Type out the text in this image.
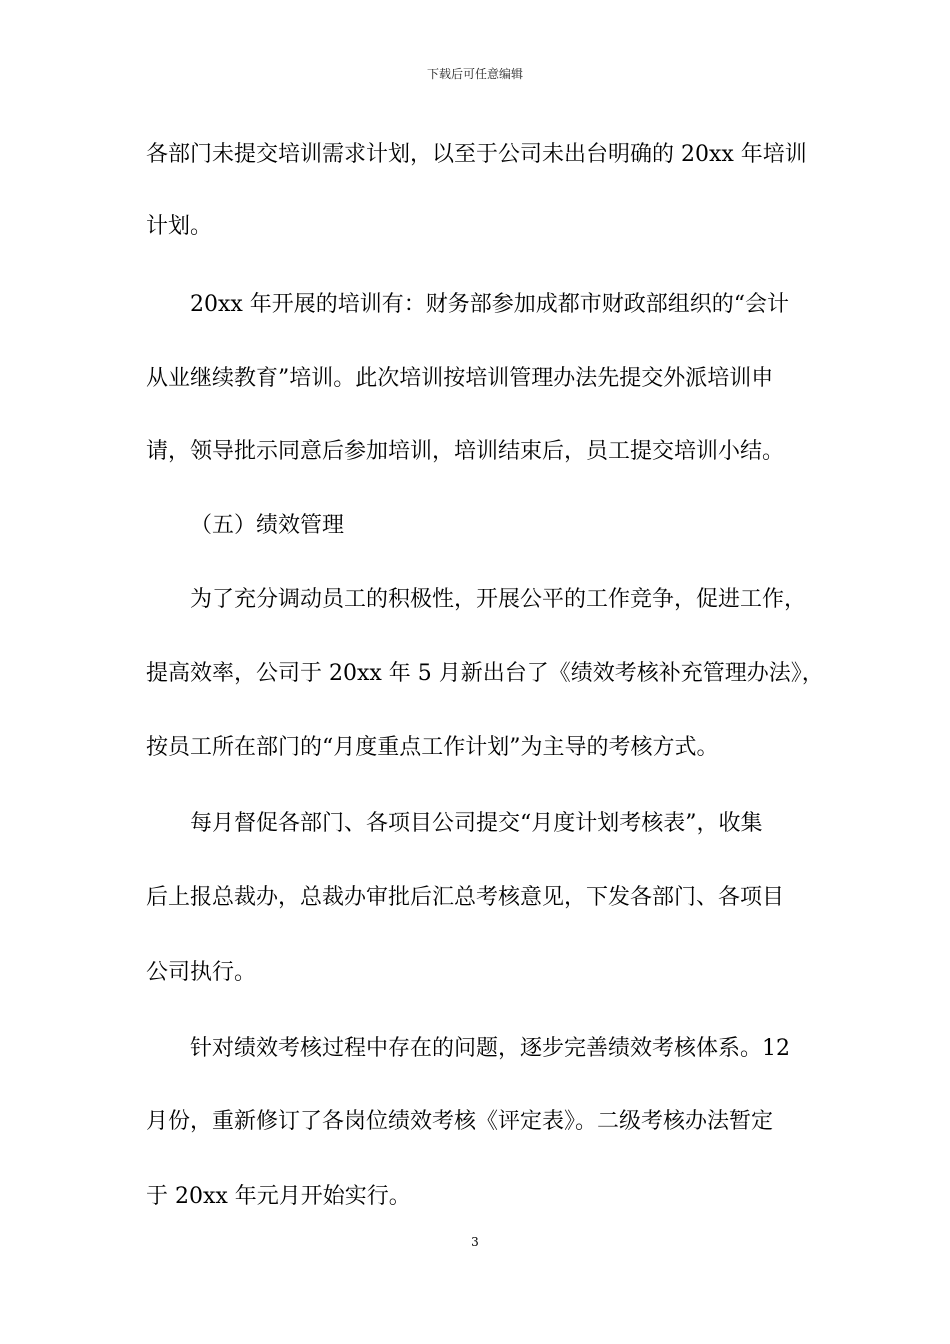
下载后可任意编辑
各部门未提交培训需求计划，以至于公司未出台明确的 20xx 年培训
计划。
20xx 年开展的培训有：财务部参加成都市财政部组织的“会计
从业继续教育”培训。此次培训按培训管理办法先提交外派培训申
请，领导批示同意后参加培训，培训结束后，员工提交培训小结。
（五）绩效管理
为了充分调动员工的积极性，开展公平的工作竞争，促进工作，
提高效率，公司于 20xx 年 5 月新出台了《绩效考核补充管理办法》，
按员工所在部门的“月度重点工作计划”为主导的考核方式。
每月督促各部门、各项目公司提交“月度计划考核表”，收集
后上报总裁办，总裁办审批后汇总考核意见，下发各部门、各项目
公司执行。
针对绩效考核过程中存在的问题，逐步完善绩效考核体系。12
月份，重新修订了各岗位绩效考核《评定表》。二级考核办法暂定
于 20xx 年元月开始实行。
3
